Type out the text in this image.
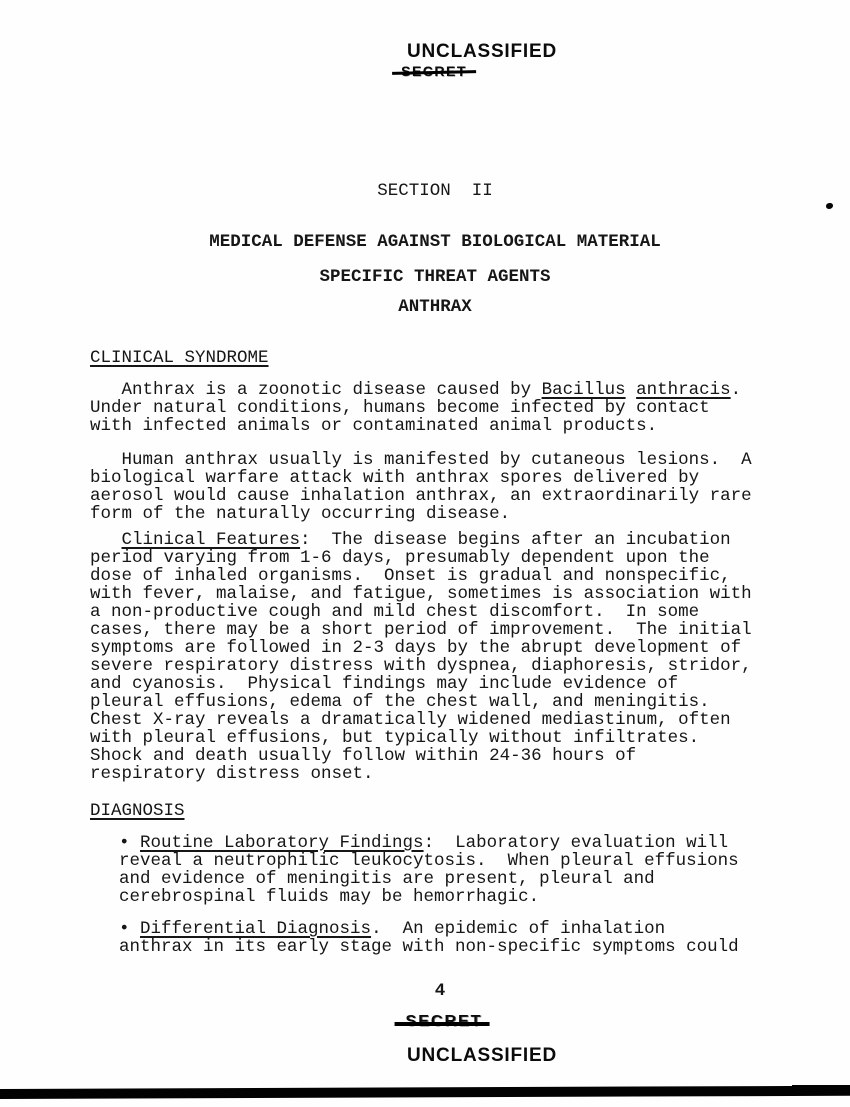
UNCLASSIFIED
SECTION  II
MEDICAL DEFENSE AGAINST BIOLOGICAL MATERIAL
SPECIFIC THREAT AGENTS
ANTHRAX
CLINICAL SYNDROME
Anthrax is a zoonotic disease caused by Bacillus anthracis.
Under natural conditions, humans become infected by contact
with infected animals or contaminated animal products.
Human anthrax usually is manifested by cutaneous lesions.  A
biological warfare attack with anthrax spores delivered by
aerosol would cause inhalation anthrax, an extraordinarily rare
form of the naturally occurring disease.
Clinical Features:  The disease begins after an incubation
period varying from 1-6 days, presumably dependent upon the
dose of inhaled organisms.  Onset is gradual and nonspecific,
with fever, malaise, and fatigue, sometimes is association with
a non-productive cough and mild chest discomfort.  In some
cases, there may be a short period of improvement.  The initial
symptoms are followed in 2-3 days by the abrupt development of
severe respiratory distress with dyspnea, diaphoresis, stridor,
and cyanosis.  Physical findings may include evidence of
pleural effusions, edema of the chest wall, and meningitis.
Chest X-ray reveals a dramatically widened mediastinum, often
with pleural effusions, but typically without infiltrates.
Shock and death usually follow within 24-36 hours of
respiratory distress onset.
DIAGNOSIS
• Routine Laboratory Findings:  Laboratory evaluation will
reveal a neutrophilic leukocytosis.  When pleural effusions
and evidence of meningitis are present, pleural and
cerebrospinal fluids may be hemorrhagic.
• Differential Diagnosis.  An epidemic of inhalation
anthrax in its early stage with non-specific symptoms could
4
UNCLASSIFIED
